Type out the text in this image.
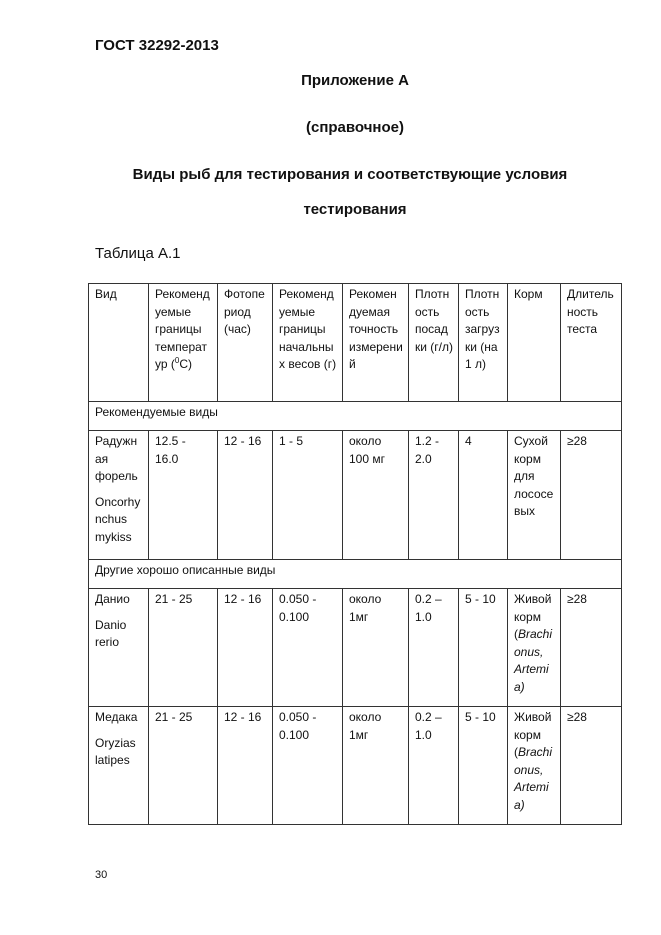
ГОСТ 32292-2013
Приложение А
(справочное)
Виды рыб для тестирования и соответствующие условия
тестирования
Таблица А.1
Вид	Рекомендуемые границы температур ($^0$С)	Фотопериод (час)	Рекомендуемые границы начальных весов (г)	Рекомендуемая точность измерений	Плотность посадки (г/л)	Плотность загрузки (на 1 л)	Корм	Длительность теста
Рекомендуемые виды								
Радужная форель
Oncorhynchus mykiss	12.5 - 16.0	12 - 16	1 - 5	около 100 мг	1.2 - 2.0	4	Сухой корм для лососевых	≥28
Другие хорошо описанные виды								
Данио
Danio rerio	21 - 25	12 - 16	0.050 - 0.100	около 1мг	0.2 – 1.0	5 - 10	Живой корм (Brachionus, Artemia)	≥28
Медака
Oryzias latipes	21 - 25	12 - 16	0.050 - 0.100	около 1мг	0.2 – 1.0	5 - 10	Живой корм (Brachionus, Artemia)	≥28
30
